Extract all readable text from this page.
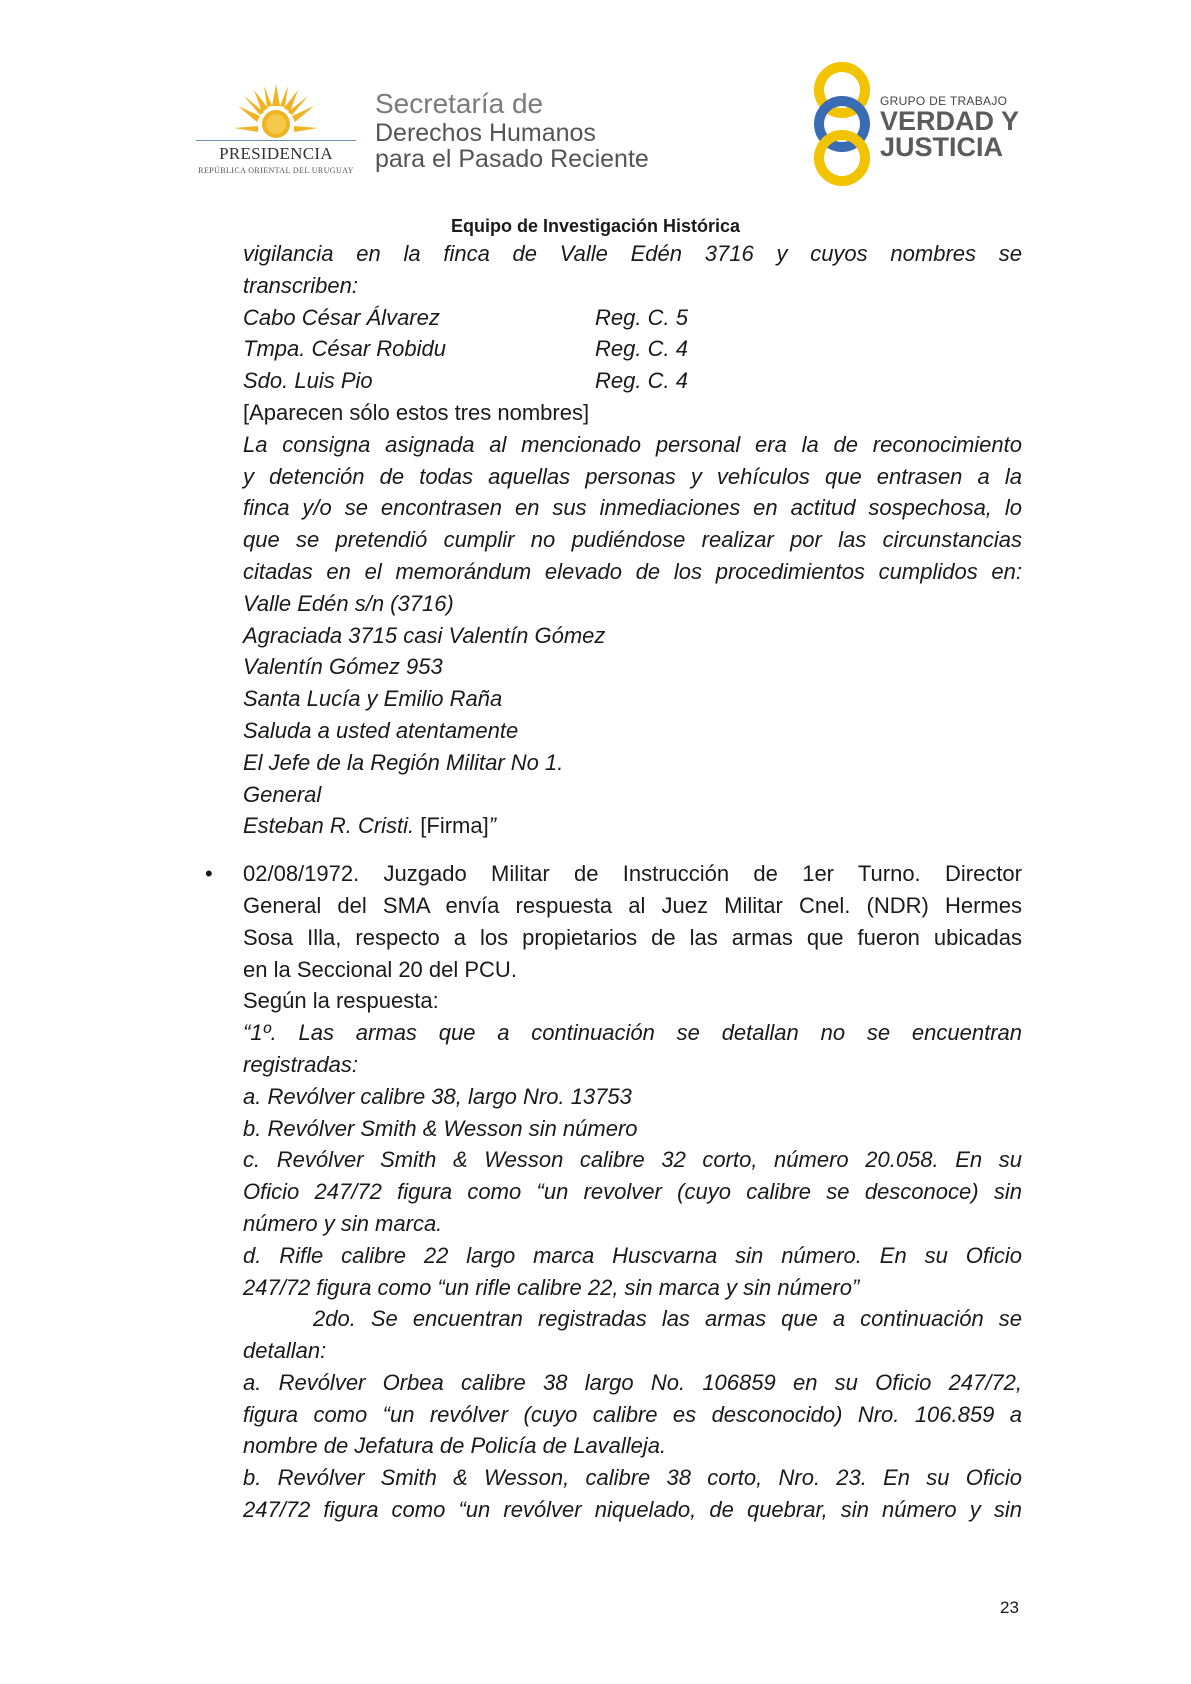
PRESIDENCIA
REPÚBLICA ORIENTAL DEL URUGUAY
Secretaría de
Derechos Humanos
para el Pasado Reciente
GRUPO DE TRABAJO
VERDAD Y
JUSTICIA
Equipo de Investigación Histórica

vigilancia en la finca de Valle Edén 3716 y cuyos nombres se

transcriben:

Cabo César Álvarez	Reg. C. 5

Tmpa. César Robidu	Reg. C. 4

Sdo. Luis Pio	Reg. C. 4

[Aparecen sólo estos tres nombres]

La consigna asignada al mencionado personal era la de reconocimiento

y detención de todas aquellas personas y vehículos que entrasen a la

finca y/o se encontrasen en sus inmediaciones en actitud sospechosa, lo

que se pretendió cumplir no pudiéndose realizar por las circunstancias

citadas en el memorándum elevado de los procedimientos cumplidos en:

Valle Edén s/n (3716)

Agraciada 3715 casi Valentín Gómez

Valentín Gómez 953

Santa Lucía y Emilio Raña

Saluda a usted atentamente

El Jefe de la Región Militar No 1.

General

Esteban R. Cristi. [Firma]”

• 02/08/1972. Juzgado Militar de Instrucción de 1er Turno. Director

General del SMA envía respuesta al Juez Militar Cnel. (NDR) Hermes

Sosa Illa, respecto a los propietarios de las armas que fueron ubicadas

en la Seccional 20 del PCU.

Según la respuesta:

“1º. Las armas que a continuación se detallan no se encuentran

registradas:

a. Revólver calibre 38, largo Nro. 13753

b. Revólver Smith & Wesson sin número

c. Revólver Smith & Wesson calibre 32 corto, número 20.058. En su

Oficio 247/72 figura como “un revolver (cuyo calibre se desconoce) sin

número y sin marca.

d. Rifle calibre 22 largo marca Huscvarna sin número. En su Oficio

247/72 figura como “un rifle calibre 22, sin marca y sin número”

2do. Se encuentran registradas las armas que a continuación se

detallan:

a. Revólver Orbea calibre 38 largo No. 106859 en su Oficio 247/72,

figura como “un revólver (cuyo calibre es desconocido) Nro. 106.859 a

nombre de Jefatura de Policía de Lavalleja.

b. Revólver Smith & Wesson, calibre 38 corto, Nro. 23. En su Oficio

247/72 figura como “un revólver niquelado, de quebrar, sin número y sin

23
